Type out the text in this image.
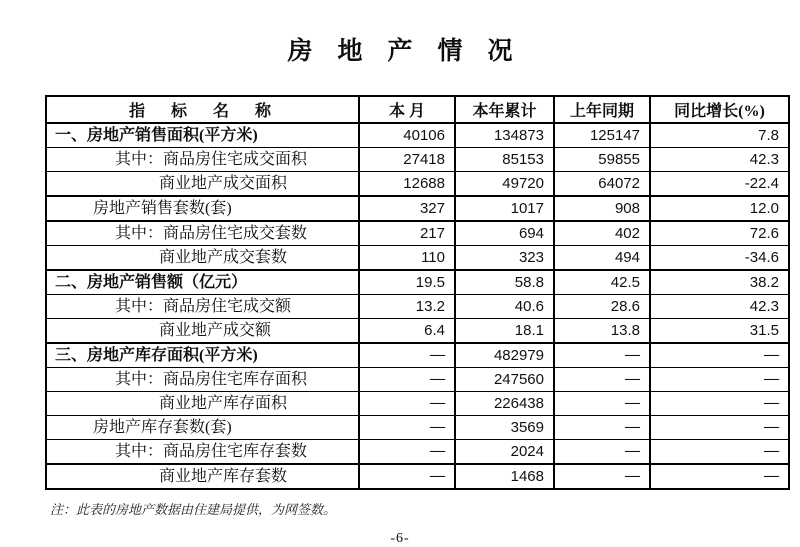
房　地　产　情　况
指　标　名　称	本 月	本年累计	上年同期	同比增长(%)
一、房地产销售面积(平方米)	40106	134873	125147	7.8
其中：商品房住宅成交面积	27418	85153	59855	42.3
商业地产成交面积	12688	49720	64072	-22.4
房地产销售套数(套)	327	1017	908	12.0
其中：商品房住宅成交套数	217	694	402	72.6
商业地产成交套数	110	323	494	-34.6
二、房地产销售额（亿元）	19.5	58.8	42.5	38.2
其中：商品房住宅成交额	13.2	40.6	28.6	42.3
商业地产成交额	6.4	18.1	13.8	31.5
三、房地产库存面积(平方米)	—	482979	—	—
其中：商品房住宅库存面积	—	247560	—	—
商业地产库存面积	—	226438	—	—
房地产库存套数(套)	—	3569	—	—
其中：商品房住宅库存套数	—	2024	—	—
商业地产库存套数	—	1468	—	—

注：此表的房地产数据由住建局提供，为网签数。

-6-
